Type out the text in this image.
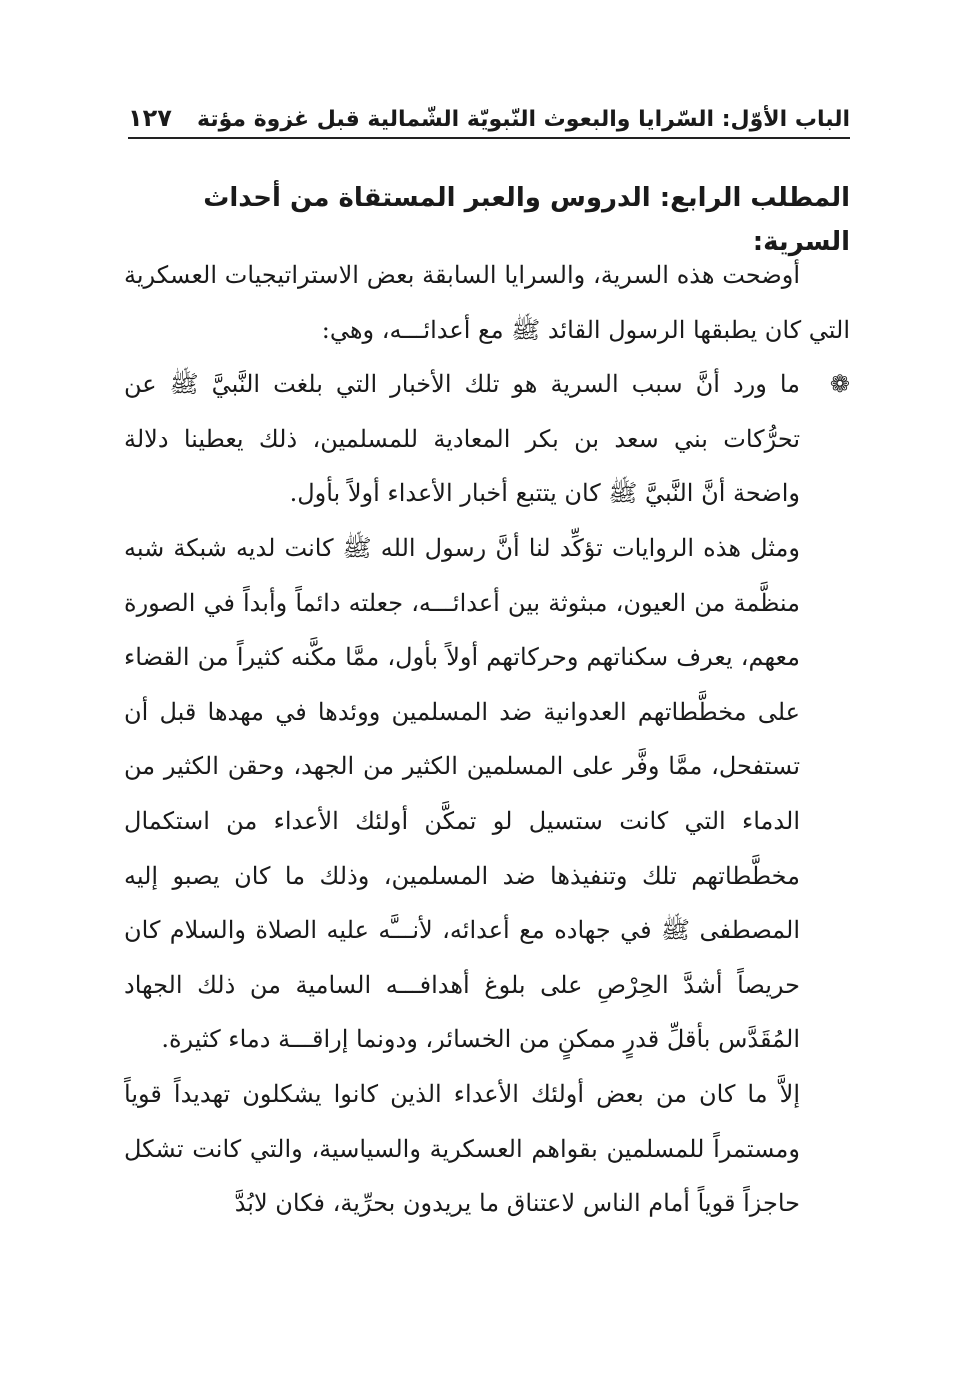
الباب الأوّل: السّرايا والبعوث النّبويّة الشّمالية قبل غزوة مؤتة
١٢٧
المطلب الرابع: الدروس والعبر المستقاة من أحداث السرية:

أوضحت هذه السرية، والسرايا السابقة بعض الاستراتيجيات العسكرية التي كان يطبقها الرسول القائد ﷺ مع أعدائـــه، وهي:

❁

ما ورد أنَّ سبب السرية هو تلك الأخبار التي بلغت النَّبيَّ ﷺ عن تحرُّكات بني سعد بن بكر المعادية للمسلمين، ذلك يعطينا دلالة واضحة أنَّ النَّبيَّ ﷺ كان يتتبع أخبار الأعداء أولاً بأول.

ومثل هذه الروايات تؤكِّد لنا أنَّ رسول الله ﷺ كانت لديه شبكة شبه منظَّمة من العيون، مبثوثة بين أعدائـــه، جعلته دائماً وأبداً في الصورة معهم، يعرف سكناتهم وحركاتهم أولاً بأول، ممَّا مكَّنه كثيراً من القضاء على مخطَّطاتهم العدوانية ضد المسلمين ووئدها في مهدها قبل أن تستفحل، ممَّا وفَّر على المسلمين الكثير من الجهد، وحقن الكثير من الدماء التي كانت ستسيل لو تمكَّن أولئك الأعداء من استكمال مخطَّطاتهم تلك وتنفيذها ضد المسلمين، وذلك ما كان يصبو إليه المصطفى ﷺ في جهاده مع أعدائه، لأنـــَّه عليه الصلاة والسلام كان حريصاً أشدَّ الحِرْصِ على بلوغ أهدافـــه السامية من ذلك الجهاد المُقَدَّس بأقلِّ قدرٍ ممكنٍ من الخسائر، ودونما إراقـــة دماء كثيرة.

إلاَّ ما كان من بعض أولئك الأعداء الذين كانوا يشكلون تهديداً قوياً ومستمراً للمسلمين بقواهم العسكرية والسياسية، والتي كانت تشكل حاجزاً قوياً أمام الناس لاعتناق ما يريدون بحرِّية، فكان لابُدَّ
